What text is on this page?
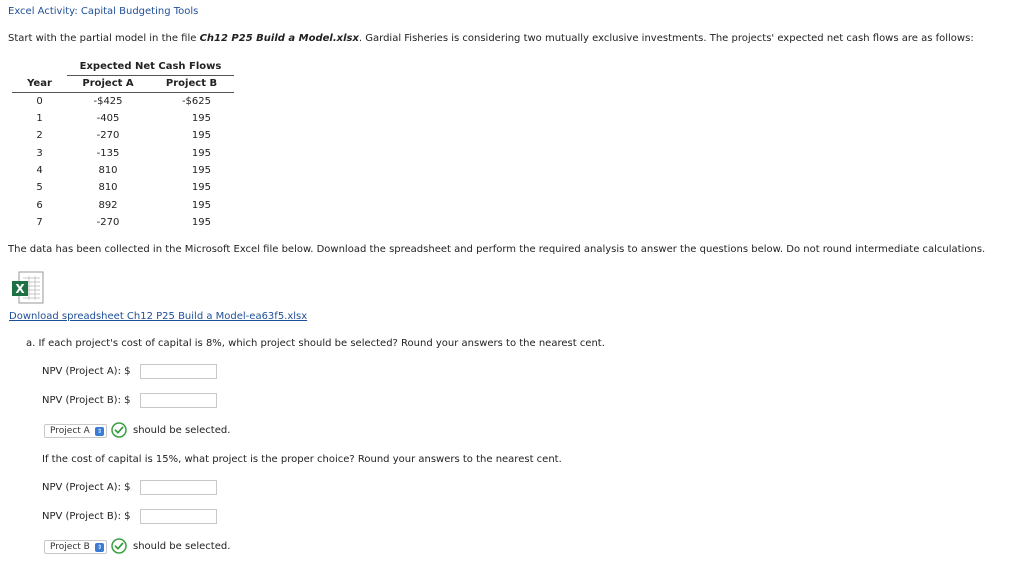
Excel Activity: Capital Budgeting Tools
Start with the partial model in the file Ch12 P25 Build a Model.xlsx. Gardial Fisheries is considering two mutually exclusive investments. The projects' expected net cash flows are as follows:
	Expected Net Cash Flows	
Year	Project A	Project B
0	-$425	-$625
1	-405	195
2	-270	195
3	-135	195
4	810	195
5	810	195
6	892	195
7	-270	195
The data has been collected in the Microsoft Excel file below. Download the spreadsheet and perform the required analysis to answer the questions below. Do not round intermediate calculations.
X
Download spreadsheet Ch12 P25 Build a Model-ea63f5.xlsx
a. If each project's cost of capital is 8%, which project should be selected? Round your answers to the nearest cent.
NPV (Project A): $
NPV (Project B): $
Project A	⇕	should be selected.
If the cost of capital is 15%, what project is the proper choice? Round your answers to the nearest cent.
NPV (Project A): $
NPV (Project B): $
Project B	⇕	should be selected.
